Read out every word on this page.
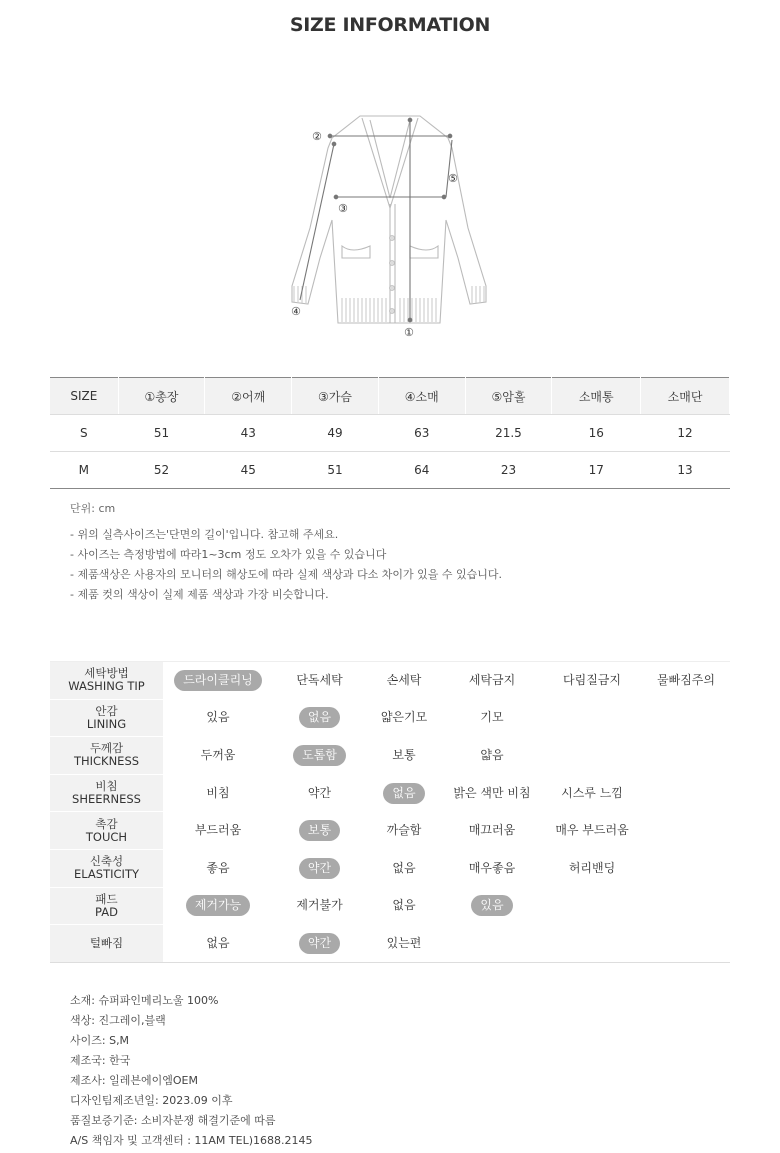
SIZE INFORMATION
①
②
③
④
⑤
SIZE	①총장	②어깨	③가슴	④소매	⑤암홀	소매통	소매단
S	51	43	49	63	21.5	16	12
M	52	45	51	64	23	17	13
단위: cm
- 위의 실측사이즈는'단면의 길이'입니다. 참고해 주세요.
- 사이즈는 측정방법에 따라1~3cm 정도 오차가 있을 수 있습니다
- 제품색상은 사용자의 모니터의 해상도에 따라 실제 색상과 다소 차이가 있을 수 있습니다.
- 제품 컷의 색상이 실제 제품 색상과 가장 비슷합니다.
세탁방법
WASHING TIP	드라이클리닝	단독세탁	손세탁	세탁금지	다림질금지	물빠짐주의

안감
LINING	있음	없음	얇은기모	기모		

두께감
THICKNESS	두꺼움	도톰함	보통	얇음		

비침
SHEERNESS	비침	약간	없음	밝은 색만 비침	시스루 느낌	

촉감
TOUCH	부드러움	보통	까슬함	매끄러움	매우 부드러움	

신축성
ELASTICITY	좋음	약간	없음	매우좋음	허리밴딩	

패드
PAD	제거가능	제거불가	없음	있음		

털빠짐	없음	약간	있는편			
소재: 슈퍼파인메리노울 100%
색상: 진그레이,블랙
사이즈: S,M
제조국: 한국
제조사: 일레븐에이엠OEM
디자인팀제조년일: 2023.09 이후
품질보증기준: 소비자분쟁 해결기준에 따름
A/S 책임자 및 고객센터 : 11AM TEL)1688.2145
